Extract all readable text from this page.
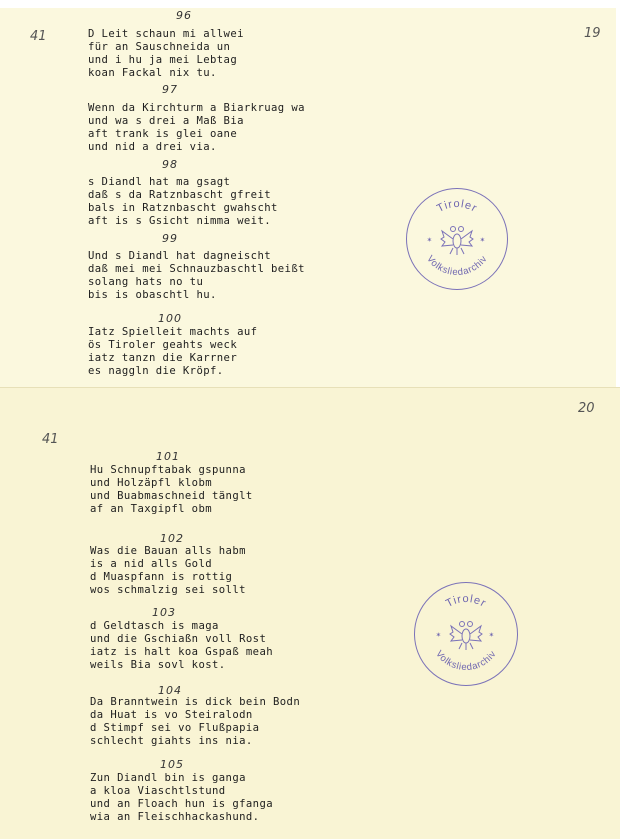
41	19
96
D Leit schaun mi allwei
für an Sauschneida un
und i hu ja mei Lebtag
koan Fackal nix tu.
97
Wenn da Kirchturm a Biarkruag wa
und wa s drei a Maß Bia
aft trank is glei oane
und nid a drei via.
98
s Diandl hat ma gsagt
daß s da Ratznbascht gfreit
bals in Ratznbascht gwahscht
aft is s Gsicht nimma weit.
99
Und s Diandl hat dagneischt
daß mei mei Schnauzbaschtl beißt
solang hats no tu
bis is obaschtl hu.
100
Iatz Spielleit machts auf
ös Tiroler geahts weck
iatz tanzn die Karrner
es naggln die Kröpf.
Tiroler
Volksliedarchiv
✶	✶
41
20
101
Hu Schnupftabak gspunna
und Holzäpfl klobm
und Buabmaschneid tänglt
af an Taxgipfl obm
102
Was die Bauan alls habm
is a nid alls Gold
d Muaspfann is rottig
wos schmalzig sei sollt
103
d Geldtasch is maga
und die Gschiaßn voll Rost
iatz is halt koa Gspaß meah
weils Bia sovl kost.
104
Da Branntwein is dick bein Bodn
da Huat is vo Steiralodn
d Stimpf sei vo Flußpapia
schlecht giahts ins nia.
105
Zun Diandl bin is ganga
a kloa Viaschtlstund
und an Floach hun is gfanga
wia an Fleischhackashund.
Tiroler
Volksliedarchiv
✶	✶
